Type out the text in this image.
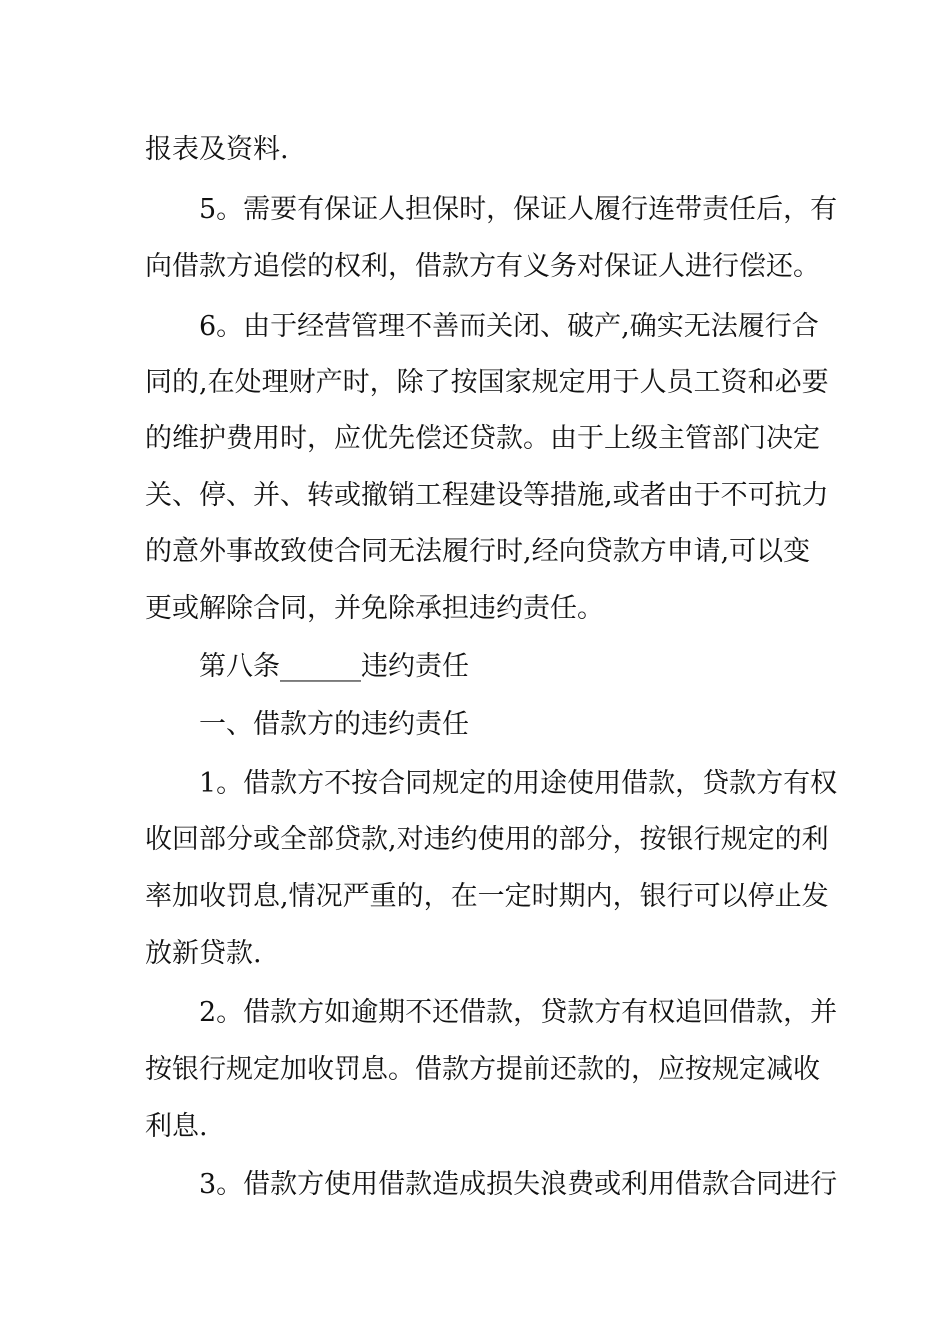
报表及资料.
5。需要有保证人担保时，保证人履行连带责任后，有
向借款方追偿的权利，借款方有义务对保证人进行偿还。
6。由于经营管理不善而关闭、破产,确实无法履行合
同的,在处理财产时，除了按国家规定用于人员工资和必要
的维护费用时，应优先偿还贷款。由于上级主管部门决定
关、停、并、转或撤销工程建设等措施,或者由于不可抗力
的意外事故致使合同无法履行时,经向贷款方申请,可以变
更或解除合同，并免除承担违约责任。
第八条______违约责任
一、借款方的违约责任
1。借款方不按合同规定的用途使用借款，贷款方有权
收回部分或全部贷款,对违约使用的部分，按银行规定的利
率加收罚息,情况严重的，在一定时期内，银行可以停止发
放新贷款.
2。借款方如逾期不还借款，贷款方有权追回借款，并
按银行规定加收罚息。借款方提前还款的，应按规定减收
利息.
3。借款方使用借款造成损失浪费或利用借款合同进行
